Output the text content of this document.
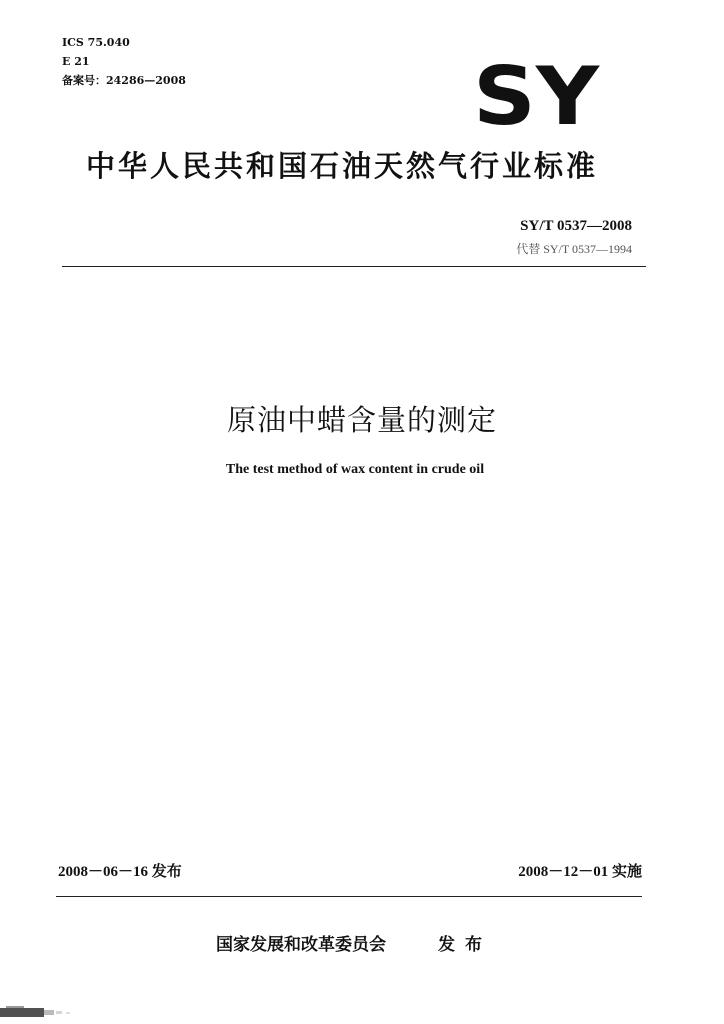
ICS 75.040
E 21
备案号：24286—2008	SY
中华人民共和国石油天然气行业标准
SY/T 0537—2008
代替 SY/T 0537—1994
原油中蜡含量的测定
The test method of wax content in crude oil
2008－06－16 发布	2008－12－01 实施
国家发展和改革委员会	发布
